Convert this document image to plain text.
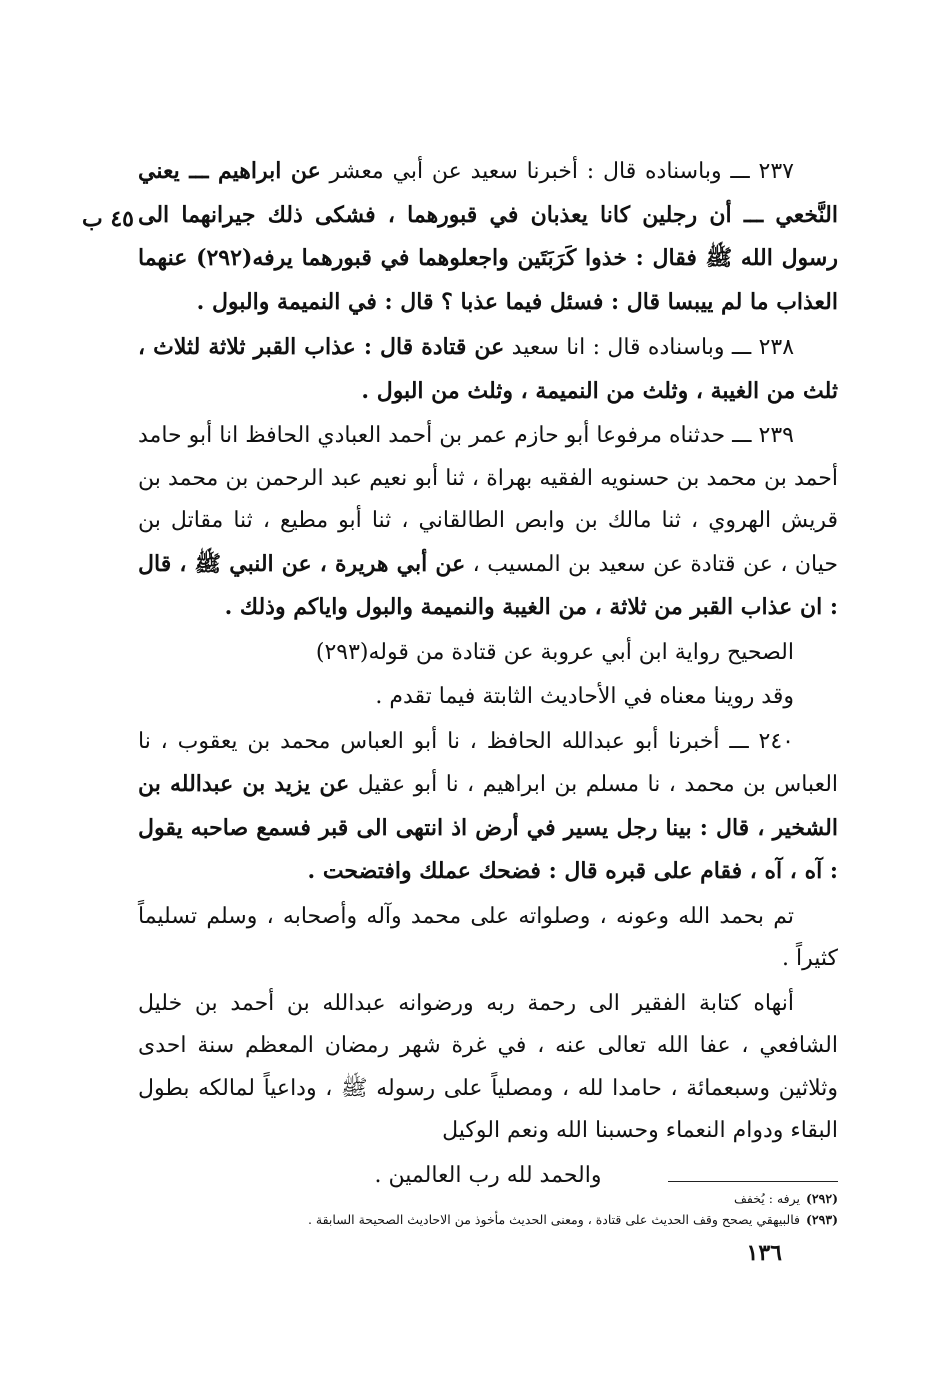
٤٥ ب

٢٣٧ ـــ وباسناده قال : أخبرنا سعيد عن أبي معشر عن ابراهيم ـــ يعني النَّخعي ـــ أن رجلين كانا يعذبان في قبورهما ، فشكى ذلك جيرانهما الى رسول الله ﷺ فقال : خذوا كَرَبَتَين واجعلوهما في قبورهما يرفه(٢٩٢) عنهما العذاب ما لم ييبسا قال : فسئل فيما عذبا ؟ قال : في النميمة والبول .

٢٣٨ ـــ وباسناده قال : انا سعيد عن قتادة قال : عذاب القبر ثلاثة لثلاث ، ثلث من الغيبة ، وثلث من النميمة ، وثلث من البول .

٢٣٩ ـــ حدثناه مرفوعا أبو حازم عمر بن أحمد العبادي الحافظ انا أبو حامد أحمد بن محمد بن حسنويه الفقيه بهراة ، ثنا أبو نعيم عبد الرحمن بن محمد بن قريش الهروي ، ثنا مالك بن وابص الطالقاني ، ثنا أبو مطيع ، ثنا مقاتل بن حيان ، عن قتادة عن سعيد بن المسيب ، عن أبي هريرة ، عن النبي ﷺ ، قال : ان عذاب القبر من ثلاثة ، من الغيبة والنميمة والبول واياكم وذلك .

الصحيح رواية ابن أبي عروبة عن قتادة من قوله(٢٩٣)

وقد روينا معناه في الأحاديث الثابتة فيما تقدم .

٢٤٠ ـــ أخبرنا أبو عبدالله الحافظ ، نا أبو العباس محمد بن يعقوب ، نا العباس بن محمد ، نا مسلم بن ابراهيم ، نا أبو عقيل عن يزيد بن عبدالله بن الشخير ، قال : بينا رجل يسير في أرض اذ انتهى الى قبر فسمع صاحبه يقول : آه ، آه ، فقام على قبره قال : فضحك عملك وافتضحت .

تم بحمد الله وعونه ، وصلواته على محمد وآله وأصحابه ، وسلم تسليماً كثيراً .

أنهاه كتابة الفقير الى رحمة ربه ورضوانه عبدالله بن أحمد بن خليل الشافعي ، عفا الله تعالى عنه ، في غرة شهر رمضان المعظم سنة احدى وثلاثين وسبعمائة ، حامدا لله ، ومصلياً على رسوله ﷺ ، وداعياً لمالكه بطول البقاء ودوام النعماء وحسبنا الله ونعم الوكيل

والحمد لله رب العالمين .

(٢٩٢)يرفه : يُخفف
(٢٩٣)فالبيهقي يصحح وقف الحديث على قتادة ، ومعنى الحديث مأخوذ من الاحاديث الصحيحة السابقة .
١٣٦
